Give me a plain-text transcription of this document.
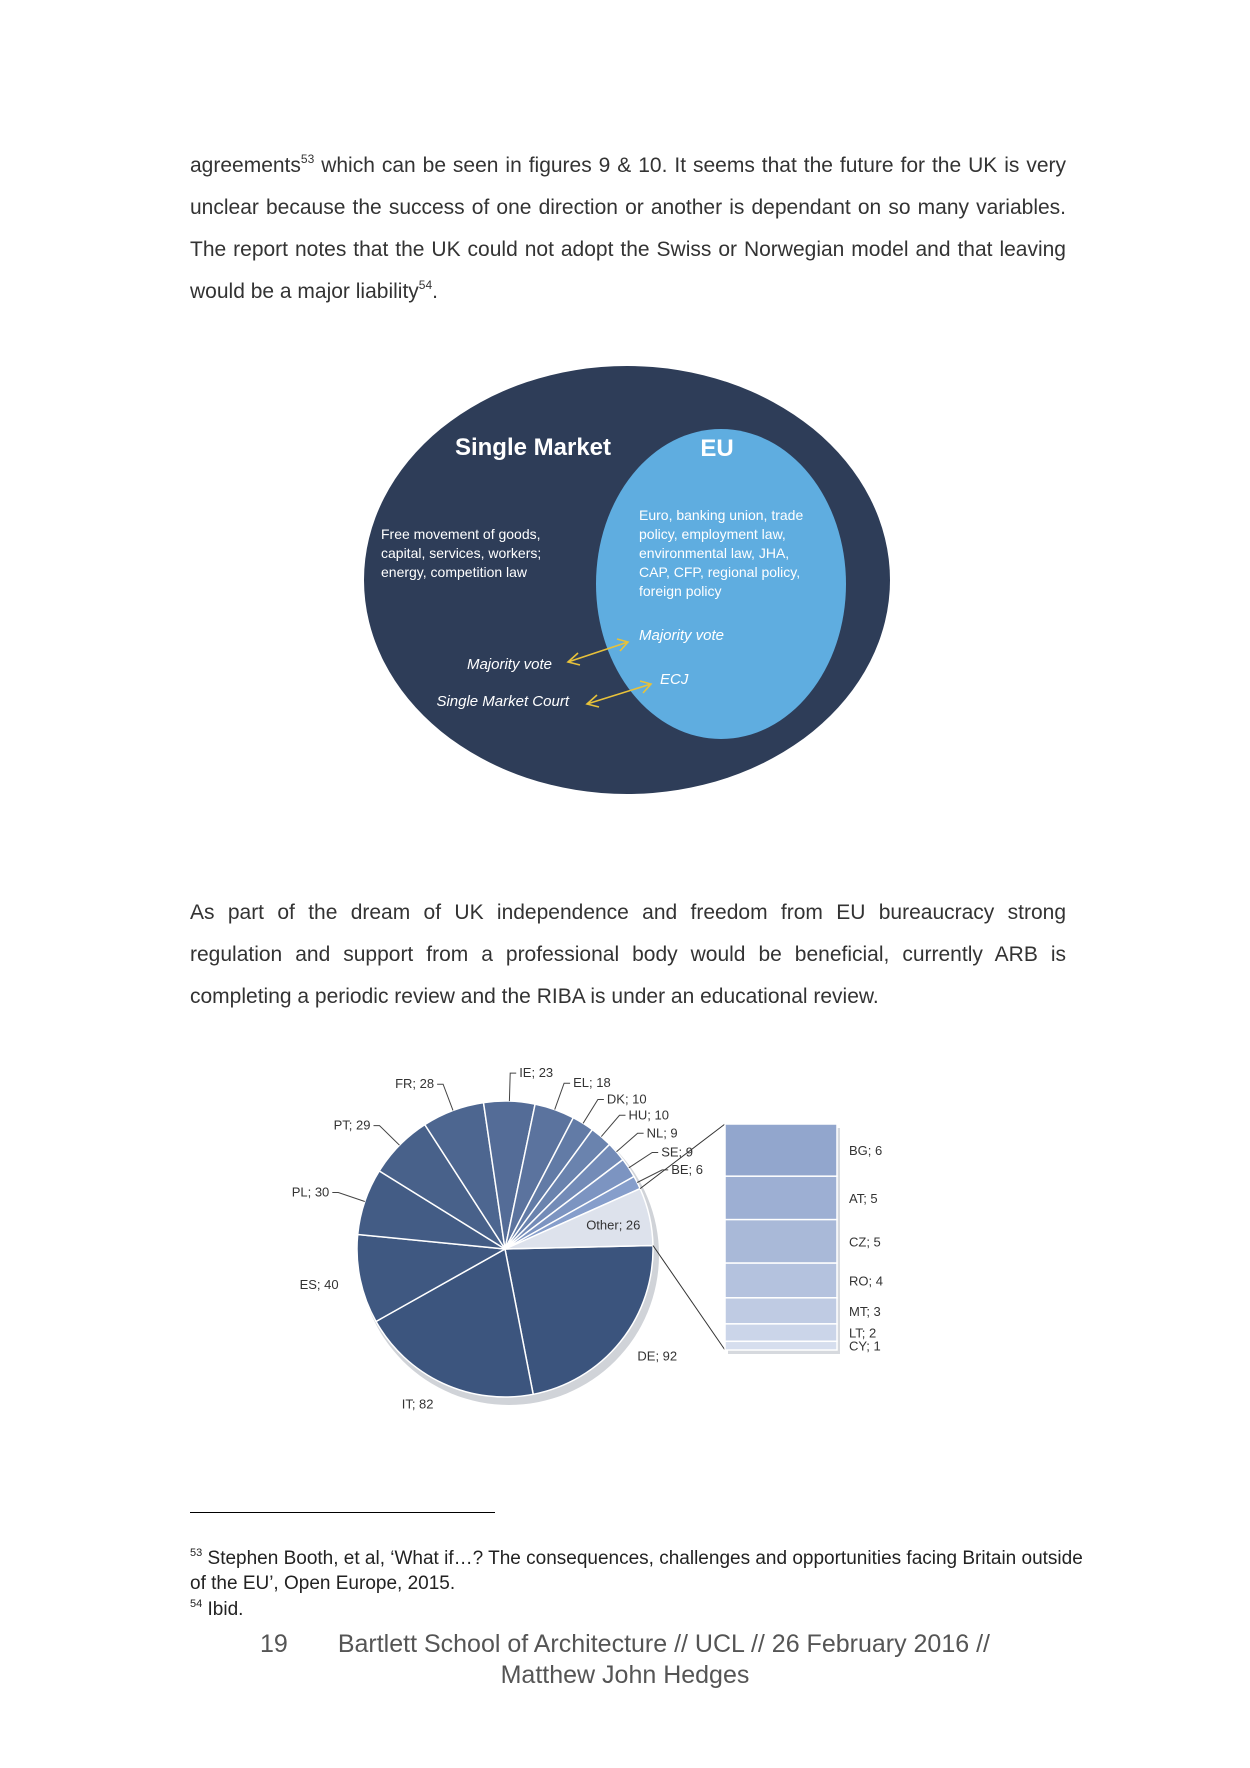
agreements$^{53}$ which can be seen in figures 9 & 10. It seems that the future for the UK is very unclear because the success of one direction or another is dependant on so many variables. The report notes that the UK could not adopt the Swiss or Norwegian model and that leaving would be a major liability$^{54}$.

Single Market	EU
Free movement of goods,
capital, services, workers;
energy, competition law
Euro, banking union, trade
policy, employment law,
environmental law, JHA,
CAP, CFP, regional policy,
foreign policy
Majority vote
ECJ
Majority vote
Single Market Court

As part of the dream of UK independence and freedom from EU bureaucracy strong regulation and support from a professional body would be beneficial, currently ARB is completing a periodic review and the RIBA is under an educational review.

DE; 92
IT; 82
ES; 40
PL; 30
PT; 29
FR; 28
IE; 23
EL; 18
DK; 10
HU; 10
NL; 9
SE; 9
BE; 6
Other; 26
BG; 6
AT; 5
CZ; 5
RO; 4
MT; 3
LT; 2
CY; 1

$^{53}$ Stephen Booth, et al, ‘What if…? The consequences, challenges and opportunities facing Britain outside of the EU’, Open Europe, 2015.

$^{54}$ Ibid.

19 Bartlett School of Architecture // UCL // 26 February 2016 //
Matthew John Hedges
